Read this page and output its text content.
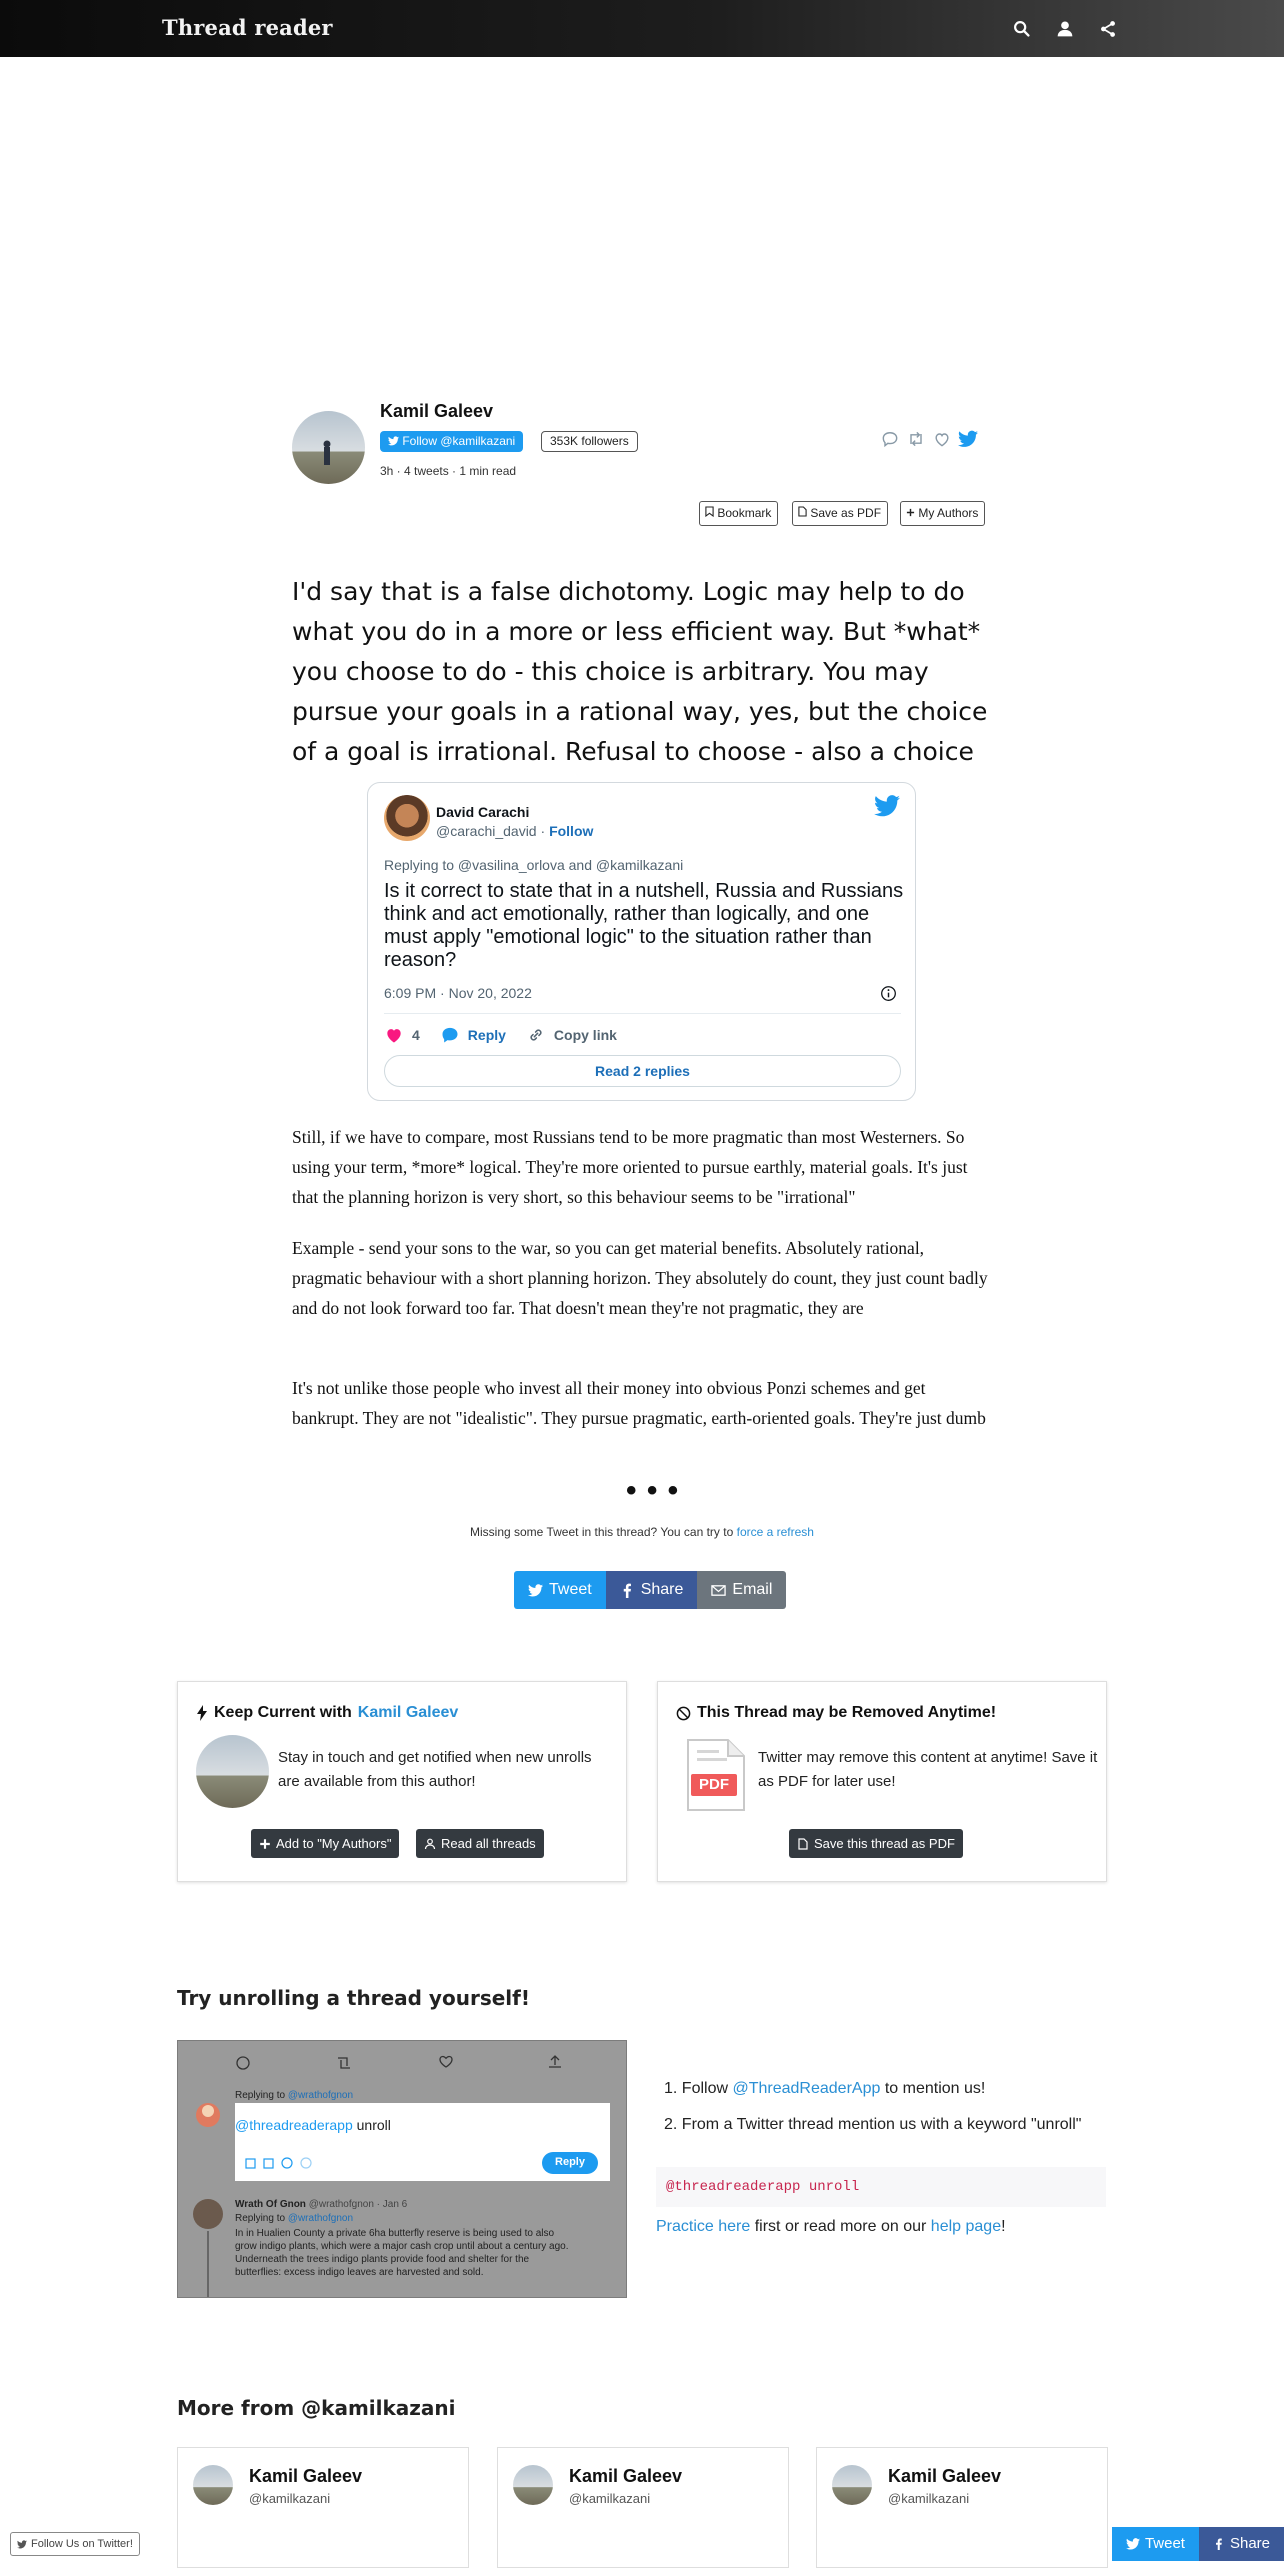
Thread reader
Kamil Galeev
Follow @kamilkazani	353K followers
3h · 4 tweets · 1 min read
Bookmark	Save as PDF	My Authors
I'd say that is a false dichotomy. Logic may help to do what you do in a more or less efficient way. But *what* you choose to do - this choice is arbitrary. You may pursue your goals in a rational way, yes, but the choice of a goal is irrational. Refusal to choose - also a choice
David Carachi
@carachi_david · Follow
Replying to @vasilina_orlova and @kamilkazani
Is it correct to state that in a nutshell, Russia and Russians think and act emotionally, rather than logically, and one must apply "emotional logic" to the situation rather than reason?
6:09 PM · Nov 20, 2022
4	Reply	Copy link
Read 2 replies
Still, if we have to compare, most Russians tend to be more pragmatic than most Westerners. So using your term, *more* logical. They're more oriented to pursue earthly, material goals. It's just that the planning horizon is very short, so this behaviour seems to be "irrational"
Example - send your sons to the war, so you can get material benefits. Absolutely rational, pragmatic behaviour with a short planning horizon. They absolutely do count, they just count badly and do not look forward too far. That doesn't mean they're not pragmatic, they are
It's not unlike those people who invest all their money into obvious Ponzi schemes and get bankrupt. They are not "idealistic". They pursue pragmatic, earth-oriented goals. They're just dumb
• • •
Missing some Tweet in this thread? You can try to force a refresh
Tweet	Share	Email
Keep Current with Kamil Galeev
Stay in touch and get notified when new unrolls are available from this author!
Add to "My Authors"	Read all threads
This Thread may be Removed Anytime!
PDF
Twitter may remove this content at anytime! Save it as PDF for later use!
Save this thread as PDF
Try unrolling a thread yourself!
Replying to @wrathofgnon
@threadreaderapp unroll
Reply
Wrath Of Gnon @wrathofgnon · Jan 6
Replying to @wrathofgnon
In in Hualien County a private 6ha butterfly reserve is being used to also
grow indigo plants, which were a major cash crop until about a century ago.
Underneath the trees indigo plants provide food and shelter for the
butterflies: excess indigo leaves are harvested and sold.
1. Follow @ThreadReaderApp to mention us!
2. From a Twitter thread mention us with a keyword "unroll"
@threadreaderapp unroll
Practice here first or read more on our help page!
More from @kamilkazani
Kamil Galeev
@kamilkazani
Kamil Galeev
@kamilkazani
Kamil Galeev
@kamilkazani
Follow Us on Twitter!	Tweet	Share
